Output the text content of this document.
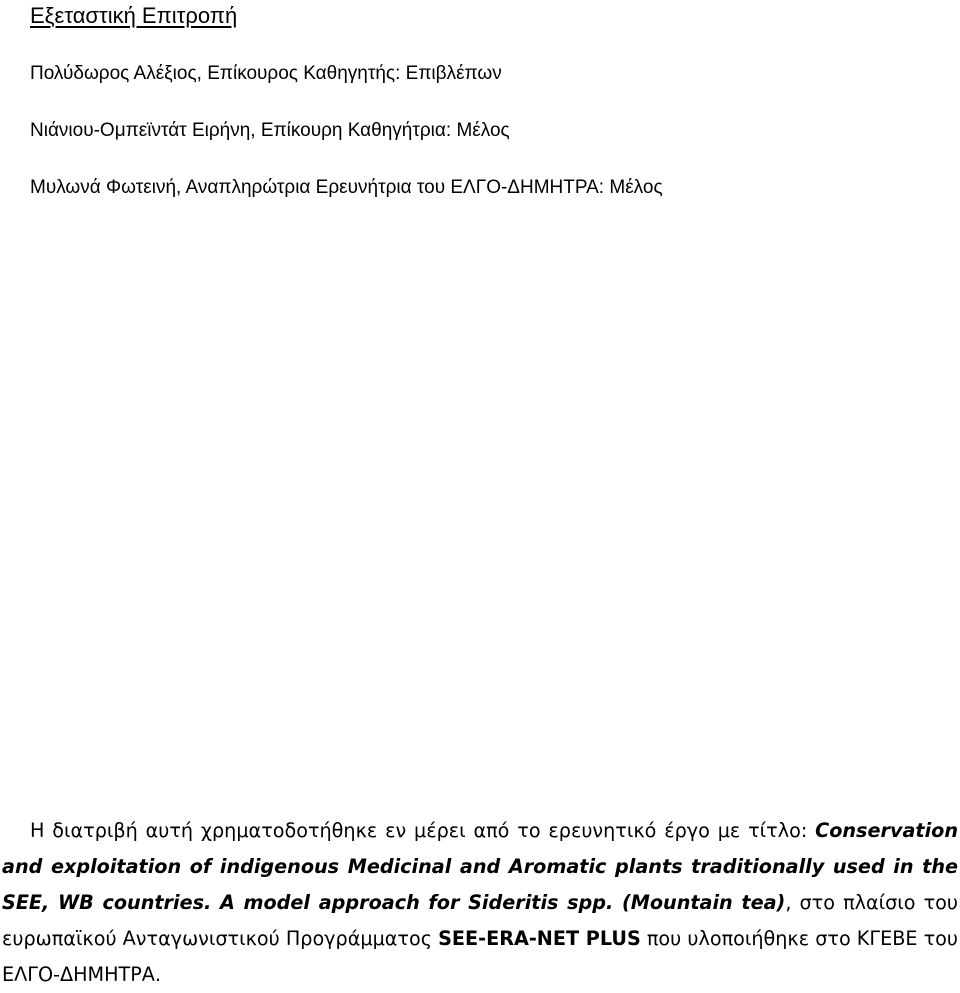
Εξεταστική Επιτροπή
Πολύδωρος Αλέξιος, Επίκουρος Καθηγητής: Επιβλέπων
Νιάνιου-Ομπεϊντάτ Ειρήνη, Επίκουρη Καθηγήτρια: Μέλος
Μυλωνά Φωτεινή, Αναπληρώτρια Ερευνήτρια του ΕΛΓΟ-ΔΗΜΗΤΡΑ: Μέλος

Η διατριβή αυτή χρηματοδοτήθηκε εν μέρει από το ερευνητικό έργο με τίτλο: Conservation and exploitation of indigenous Medicinal and Aromatic plants traditionally used in the SEE, WB countries. A model approach for Sideritis spp. (Mountain tea), στο πλαίσιο του ευρωπαϊκού Ανταγωνιστικού Προγράμματος SEE-ERA-NET PLUS που υλοποιήθηκε στο ΚΓΕΒΕ του ΕΛΓΟ-ΔΗΜΗΤΡΑ.
